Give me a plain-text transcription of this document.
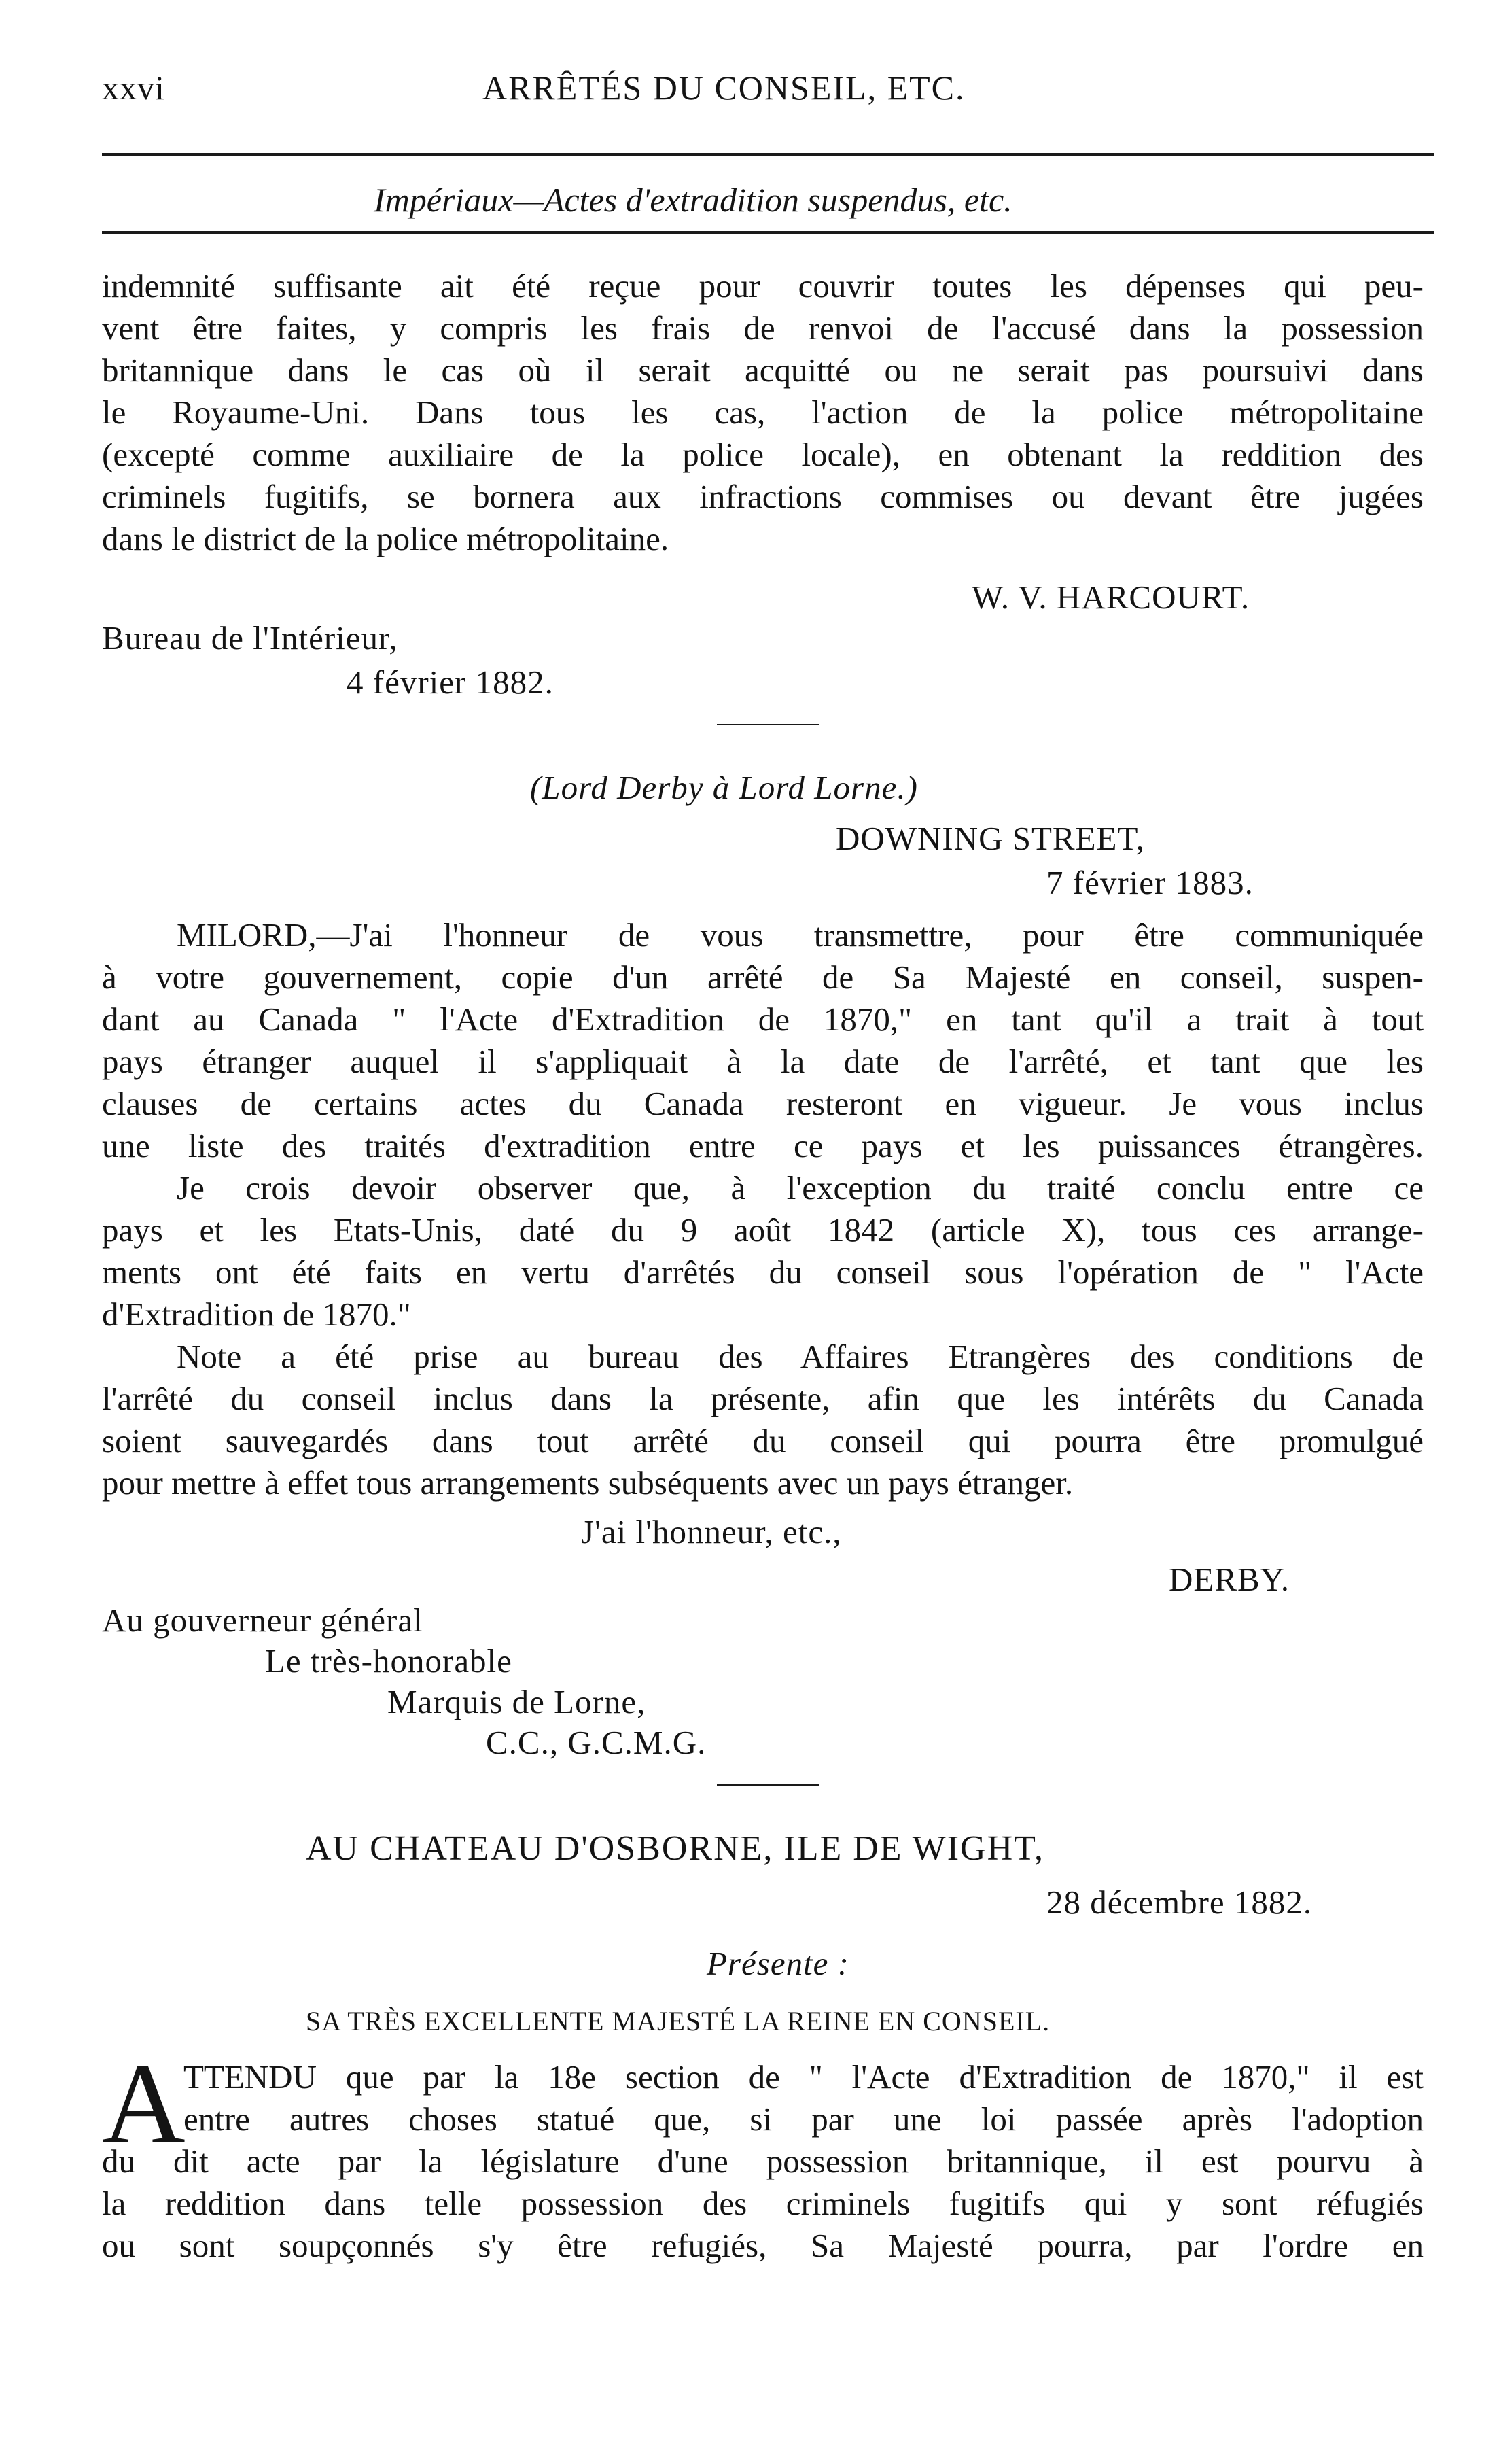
xxvi	ARRÊTÉS DU CONSEIL, ETC.
Impériaux—Actes d'extradition suspendus, etc.
indemnité suffisante ait été reçue pour couvrir toutes les dépenses qui peu-
vent être faites, y compris les frais de renvoi de l'accusé dans la possession
britannique dans le cas où il serait acquitté ou ne serait pas poursuivi dans
le Royaume-Uni. Dans tous les cas, l'action de la police métropolitaine
(excepté comme auxiliaire de la police locale), en obtenant la reddition des
criminels fugitifs, se bornera aux infractions commises ou devant être jugées
dans le district de la police métropolitaine.
W. V. HARCOURT.
Bureau de l'Intérieur,
4 février 1882.
(Lord Derby à Lord Lorne.)
DOWNING STREET,
7 février 1883.
MILORD,—J'ai l'honneur de vous transmettre, pour être communiquée
à votre gouvernement, copie d'un arrêté de Sa Majesté en conseil, suspen-
dant au Canada " l'Acte d'Extradition de 1870," en tant qu'il a trait à tout
pays étranger auquel il s'appliquait à la date de l'arrêté, et tant que les
clauses de certains actes du Canada resteront en vigueur. Je vous inclus
une liste des traités d'extradition entre ce pays et les puissances étrangères.
Je crois devoir observer que, à l'exception du traité conclu entre ce
pays et les Etats-Unis, daté du 9 août 1842 (article X), tous ces arrange-
ments ont été faits en vertu d'arrêtés du conseil sous l'opération de " l'Acte
d'Extradition de 1870."
Note a été prise au bureau des Affaires Etrangères des conditions de
l'arrêté du conseil inclus dans la présente, afin que les intérêts du Canada
soient sauvegardés dans tout arrêté du conseil qui pourra être promulgué
pour mettre à effet tous arrangements subséquents avec un pays étranger.
J'ai l'honneur, etc.,
DERBY.
Au gouverneur général
Le très-honorable
Marquis de Lorne,
C.C., G.C.M.G.
AU CHATEAU D'OSBORNE, ILE DE WIGHT,
28 décembre 1882.
Présente :
SA TRÈS EXCELLENTE MAJESTÉ LA REINE EN CONSEIL.
A
TTENDU que par la 18e section de " l'Acte d'Extradition de 1870," il est
entre autres choses statué que, si par une loi passée après l'adoption
du dit acte par la législature d'une possession britannique, il est pourvu à
la reddition dans telle possession des criminels fugitifs qui y sont réfugiés
ou sont soupçonnés s'y être refugiés, Sa Majesté pourra, par l'ordre en
